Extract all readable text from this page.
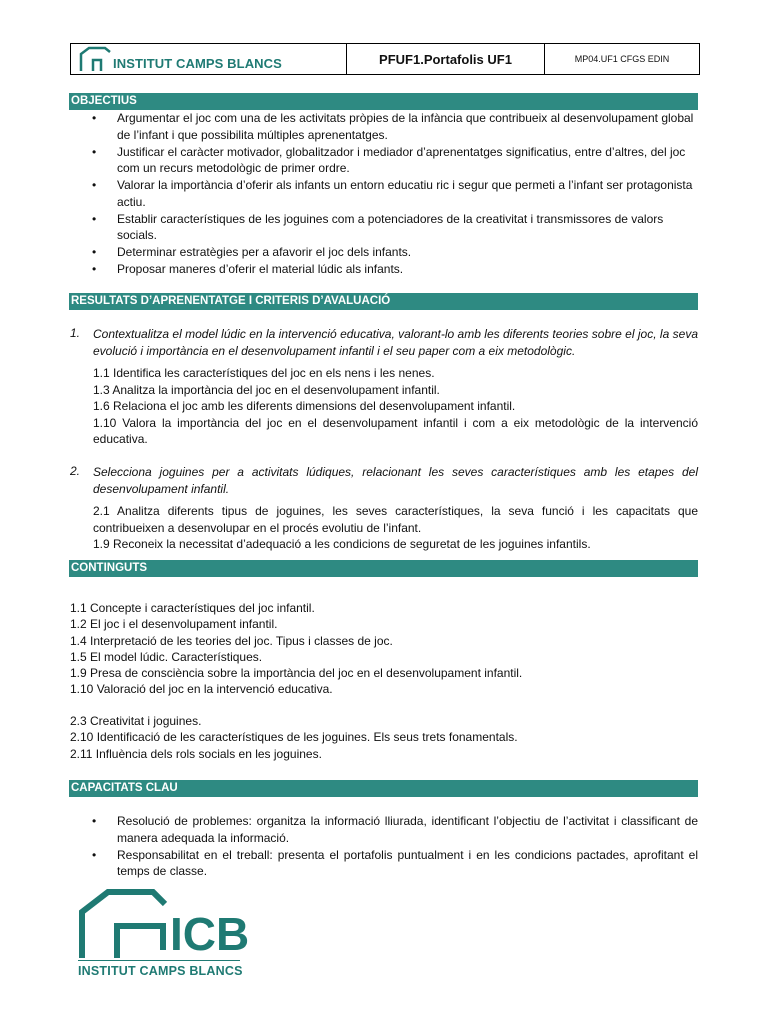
INSTITUT CAMPS BLANCS	PFUF1.Portafolis UF1	MP04.UF1 CFGS EDIN
OBJECTIUS
• Argumentar el joc com una de les activitats pròpies de la infància que contribueix al desenvolupament global de l’infant i que possibilita múltiples aprenentatges.
• Justificar el caràcter motivador, globalitzador i mediador d’aprenentatges significatius, entre d’altres, del joc com un recurs metodològic de primer ordre.
• Valorar la importància d’oferir als infants un entorn educatiu ric i segur que permeti a l’infant ser protagonista actiu.
• Establir característiques de les joguines com a potenciadores de la creativitat i transmissores de valors socials.
• Determinar estratègies per a afavorir el joc dels infants.
• Proposar maneres d’oferir el material lúdic als infants.
RESULTATS D’APRENENTATGE I CRITERIS D’AVALUACIÓ
1. Contextualitza el model lúdic en la intervenció educativa, valorant-lo amb les diferents teories sobre el joc, la seva evolució i importància en el desenvolupament infantil i el seu paper com a eix metodològic.
1.1 Identifica les característiques del joc en els nens i les nenes.
1.3 Analitza la importància del joc en el desenvolupament infantil.
1.6 Relaciona el joc amb les diferents dimensions del desenvolupament infantil.
1.10 Valora la importància del joc en el desenvolupament infantil i com a eix metodològic de la intervenció educativa.
2. Selecciona joguines per a activitats lúdiques, relacionant les seves característiques amb les etapes del desenvolupament infantil.
2.1 Analitza diferents tipus de joguines, les seves característiques, la seva funció i les capacitats que contribueixen a desenvolupar en el procés evolutiu de l’infant.
1.9 Reconeix la necessitat d’adequació a les condicions de seguretat de les joguines infantils.
CONTINGUTS
1.1 Concepte i característiques del joc infantil.
1.2 El joc i el desenvolupament infantil.
1.4 Interpretació de les teories del joc. Tipus i classes de joc.
1.5 El model lúdic. Característiques.
1.9 Presa de consciència sobre la importància del joc en el desenvolupament infantil.
1.10 Valoració del joc en la intervenció educativa.
2.3 Creativitat i joguines.
2.10 Identificació de les característiques de les joguines. Els seus trets fonamentals.
2.11 Influència dels rols socials en les joguines.
CAPACITATS CLAU
• Resolució de problemes: organitza la informació lliurada, identificant l’objectiu de l’activitat i classificant de manera adequada la informació.
• Responsabilitat en el treball: presenta el portafolis puntualment i en les condicions pactades, aprofitant el temps de classe.
ICB
INSTITUT CAMPS BLANCS
